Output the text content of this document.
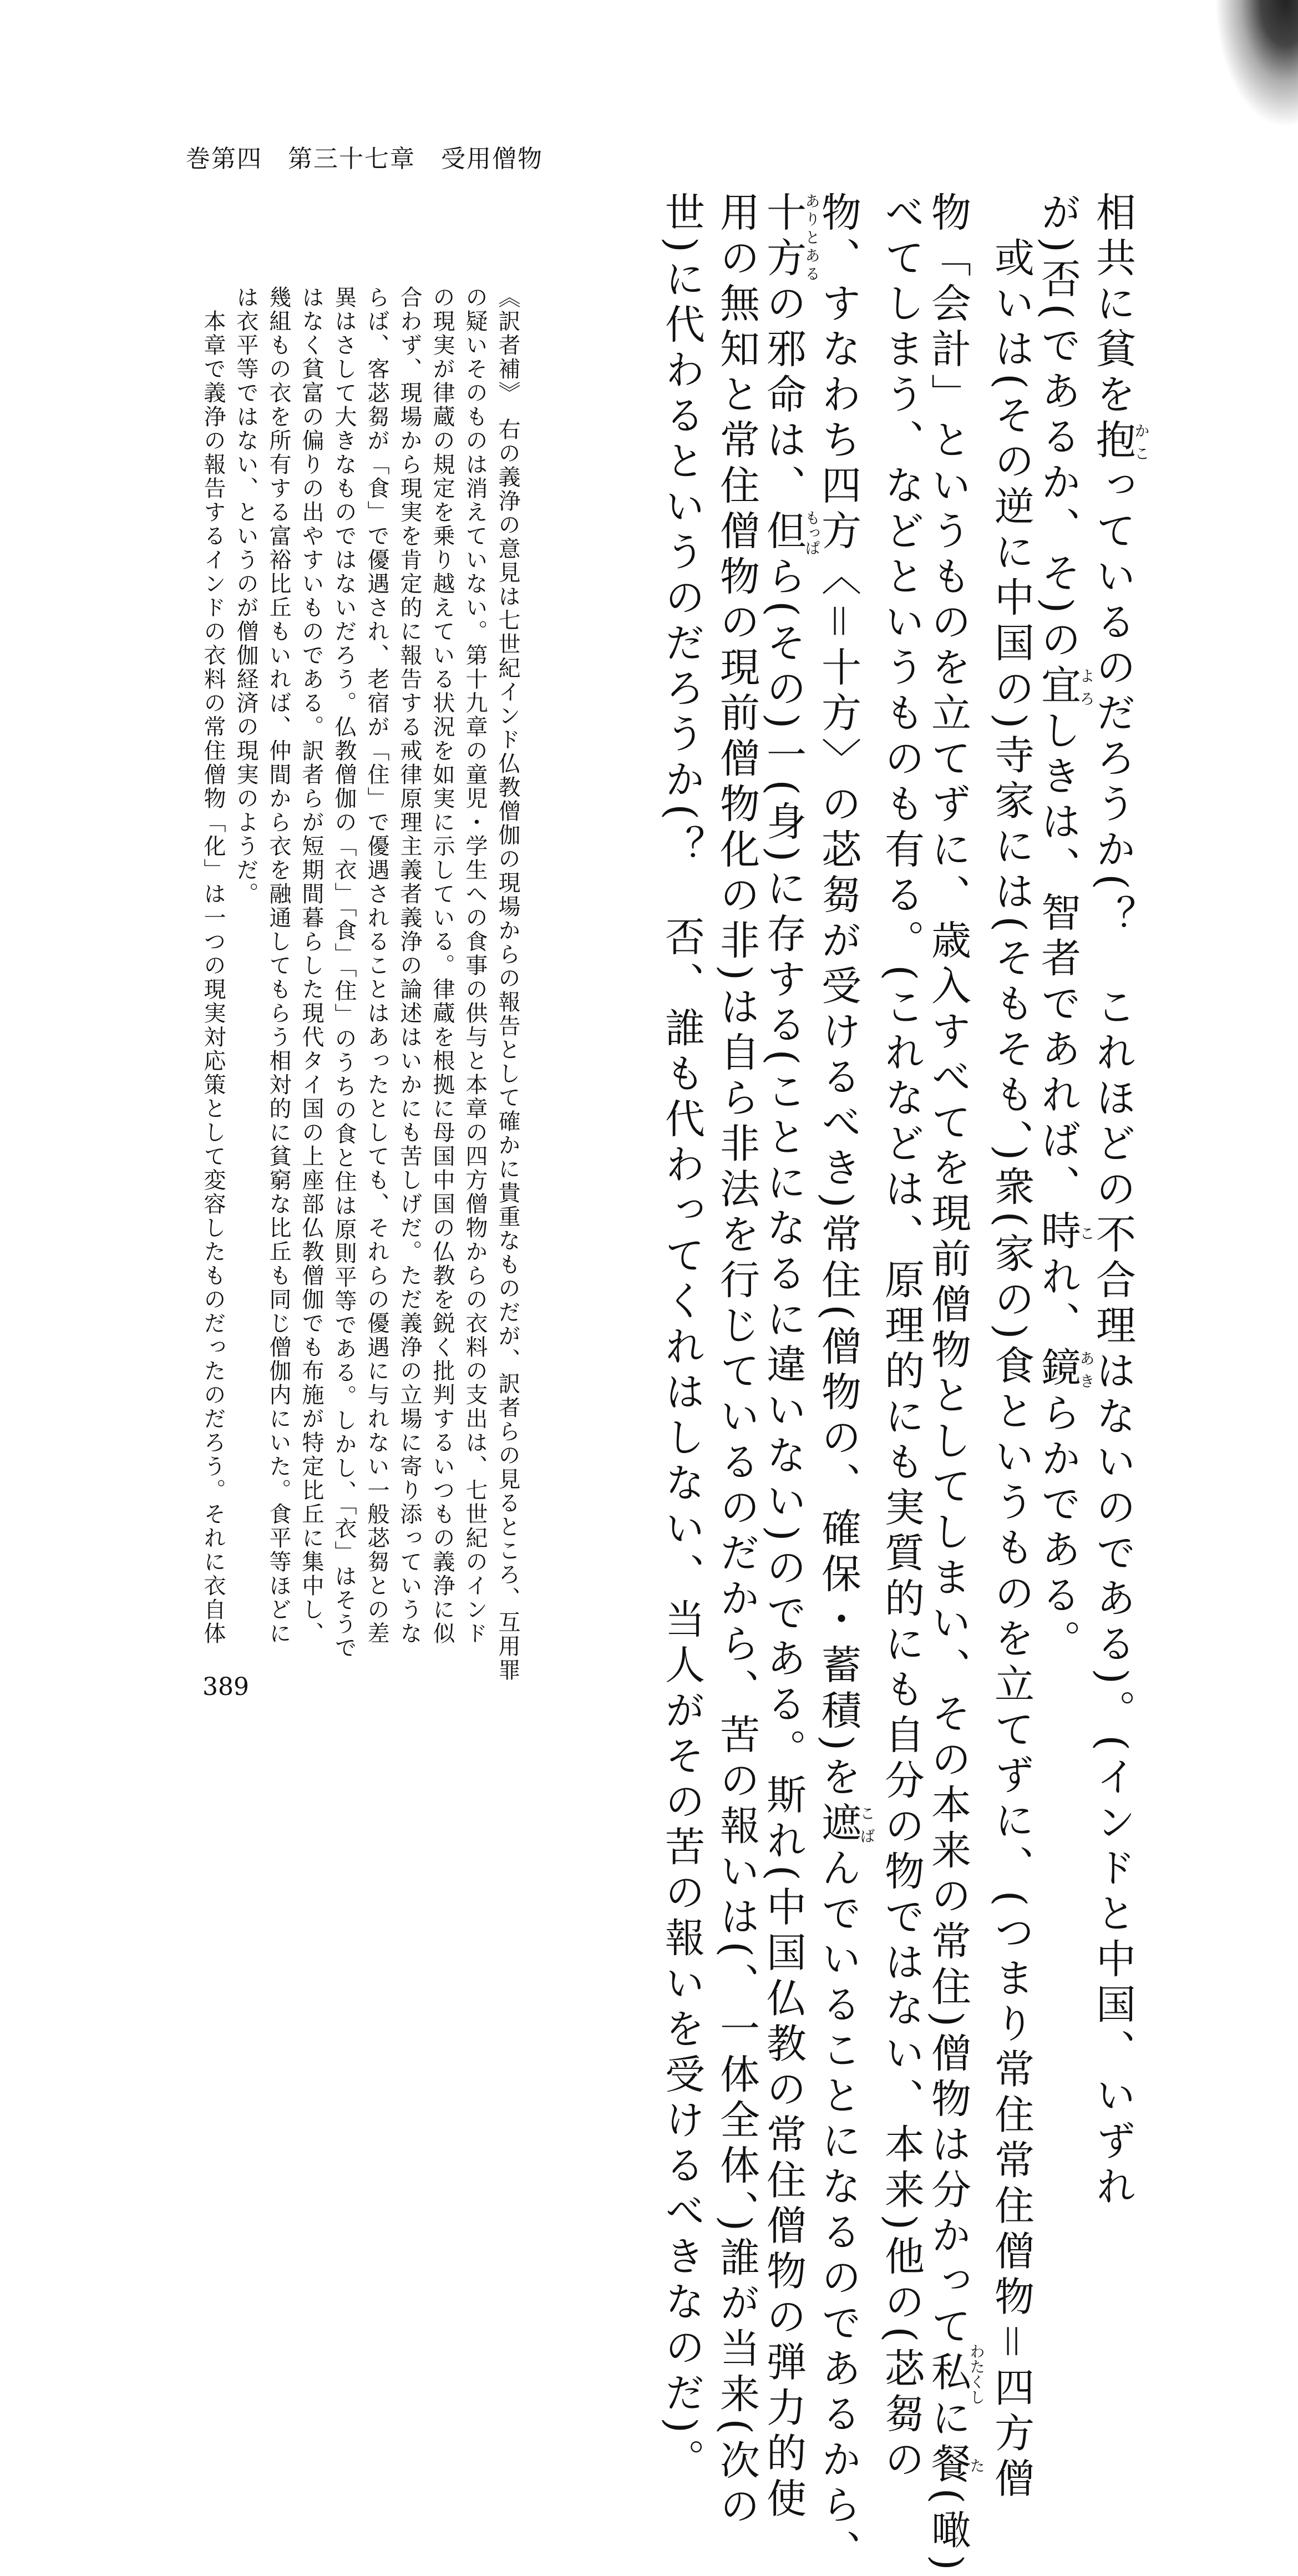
巻第四　第三十七章　受用僧物
相共に貧を抱かこっているのだろうか(？　これほどの不合理はないのである)。(インドと中国、いずれ
が)否(であるか、そ)の宜よろしきは、智者であれば、時これ、鏡あきらかである。
或いは(その逆に中国の)寺家には(そもそも、)衆(家の)食というものを立てずに、(つまり常住常住僧物＝四方僧
物「会計」というものを立てずに、歳入すべてを現前僧物としてしまい、その本来の常住)僧物は分かって私わたくしに餐た(噉)
べてしまう、などというものも有る。(これなどは、原理的にも実質的にも自分の物ではない、本来)他の(苾芻の
物、すなわち四方〈＝十方〉の苾芻が受けるべき)常住(僧物の、確保・蓄積)を遮こばんでいることになるのであるから、
十方ありとあるの邪命は、但もっぱら(その)一(身)に存する(ことになるに違いない)のである。斯れ(中国仏教の常住僧物の弾力的使
用の無知と常住僧物の現前僧物化の非)は自ら非法を行じているのだから、苦の報いは(、一体全体、)誰が当来(次の
世)に代わるというのだろうか(？　否、誰も代わってくれはしない、当人がその苦の報いを受けるべきなのだ)。
《訳者補》　右の義浄の意見は七世紀インド仏教僧伽の現場からの報告として確かに貴重なものだが、訳者らの見るところ、互用罪
の疑いそのものは消えていない。第十九章の童児・学生への食事の供与と本章の四方僧物からの衣料の支出は、七世紀のインド
の現実が律蔵の規定を乗り越えている状況を如実に示している。律蔵を根拠に母国中国の仏教を鋭く批判するいつもの義浄に似
合わず、現場から現実を肯定的に報告する戒律原理主義者義浄の論述はいかにも苦しげだ。ただ義浄の立場に寄り添っていうな
らば、客苾芻が「食」で優遇され、老宿が「住」で優遇されることはあったとしても、それらの優遇に与れない一般苾芻との差
異はさして大きなものではないだろう。仏教僧伽の「衣」「食」「住」のうちの食と住は原則平等である。しかし、「衣」はそうで
はなく貧富の偏りの出やすいものである。訳者らが短期間暮らした現代タイ国の上座部仏教僧伽でも布施が特定比丘に集中し、
幾組もの衣を所有する富裕比丘もいれば、仲間から衣を融通してもらう相対的に貧窮な比丘も同じ僧伽内にいた。食平等ほどに
は衣平等ではない、というのが僧伽経済の現実のようだ。
本章で義浄の報告するインドの衣料の常住僧物「化」は一つの現実対応策として変容したものだったのだろう。それに衣自体
389
